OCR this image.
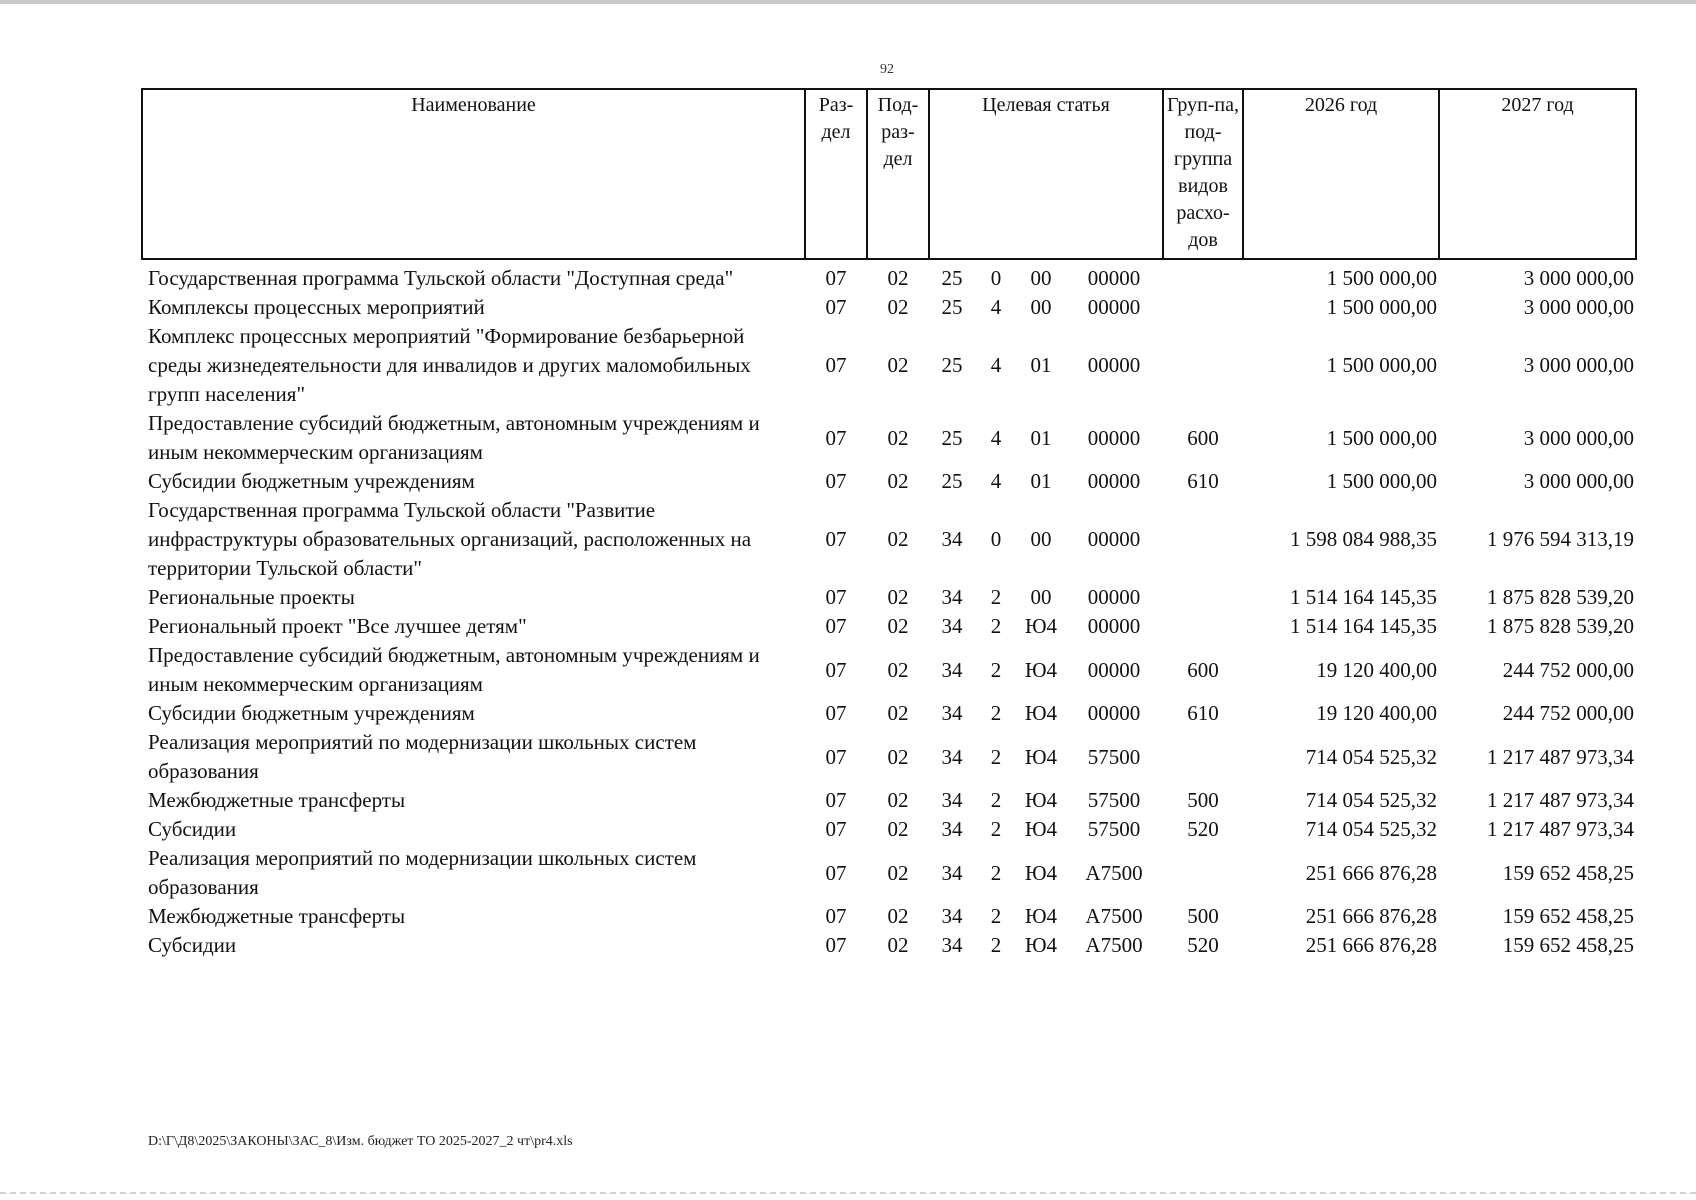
92
Наименование	Раз-дел	Под-раз-дел	Целевая статья				Груп-па, под-группа видов расхо-дов	2026 год	2027 год
Государственная программа Тульской области "Доступная среда"	07	02	25	0	00	00000		1 500 000,00	3 000 000,00
Комплексы процессных мероприятий	07	02	25	4	00	00000		1 500 000,00	3 000 000,00
Комплекс процессных мероприятий "Формирование безбарьерной среды жизнедеятельности для инвалидов и других маломобильных групп населения"	07	02	25	4	01	00000		1 500 000,00	3 000 000,00
Предоставление субсидий бюджетным, автономным учреждениям и иным некоммерческим организациям	07	02	25	4	01	00000	600	1 500 000,00	3 000 000,00
Субсидии бюджетным учреждениям	07	02	25	4	01	00000	610	1 500 000,00	3 000 000,00
Государственная программа Тульской области "Развитие инфраструктуры образовательных организаций, расположенных на территории Тульской области"	07	02	34	0	00	00000		1 598 084 988,35	1 976 594 313,19
Региональные проекты	07	02	34	2	00	00000		1 514 164 145,35	1 875 828 539,20
Региональный проект "Все лучшее детям"	07	02	34	2	Ю4	00000		1 514 164 145,35	1 875 828 539,20
Предоставление субсидий бюджетным, автономным учреждениям и иным некоммерческим организациям	07	02	34	2	Ю4	00000	600	19 120 400,00	244 752 000,00
Субсидии бюджетным учреждениям	07	02	34	2	Ю4	00000	610	19 120 400,00	244 752 000,00
Реализация мероприятий по модернизации школьных систем образования	07	02	34	2	Ю4	57500		714 054 525,32	1 217 487 973,34
Межбюджетные трансферты	07	02	34	2	Ю4	57500	500	714 054 525,32	1 217 487 973,34
Субсидии	07	02	34	2	Ю4	57500	520	714 054 525,32	1 217 487 973,34
Реализация мероприятий по модернизации школьных систем образования	07	02	34	2	Ю4	А7500		251 666 876,28	159 652 458,25
Межбюджетные трансферты	07	02	34	2	Ю4	А7500	500	251 666 876,28	159 652 458,25
Субсидии	07	02	34	2	Ю4	А7500	520	251 666 876,28	159 652 458,25
D:\Г\Д8\2025\ЗАКОНЫ\ЗАС_8\Изм. бюджет ТО 2025-2027_2 чт\pr4.xls
